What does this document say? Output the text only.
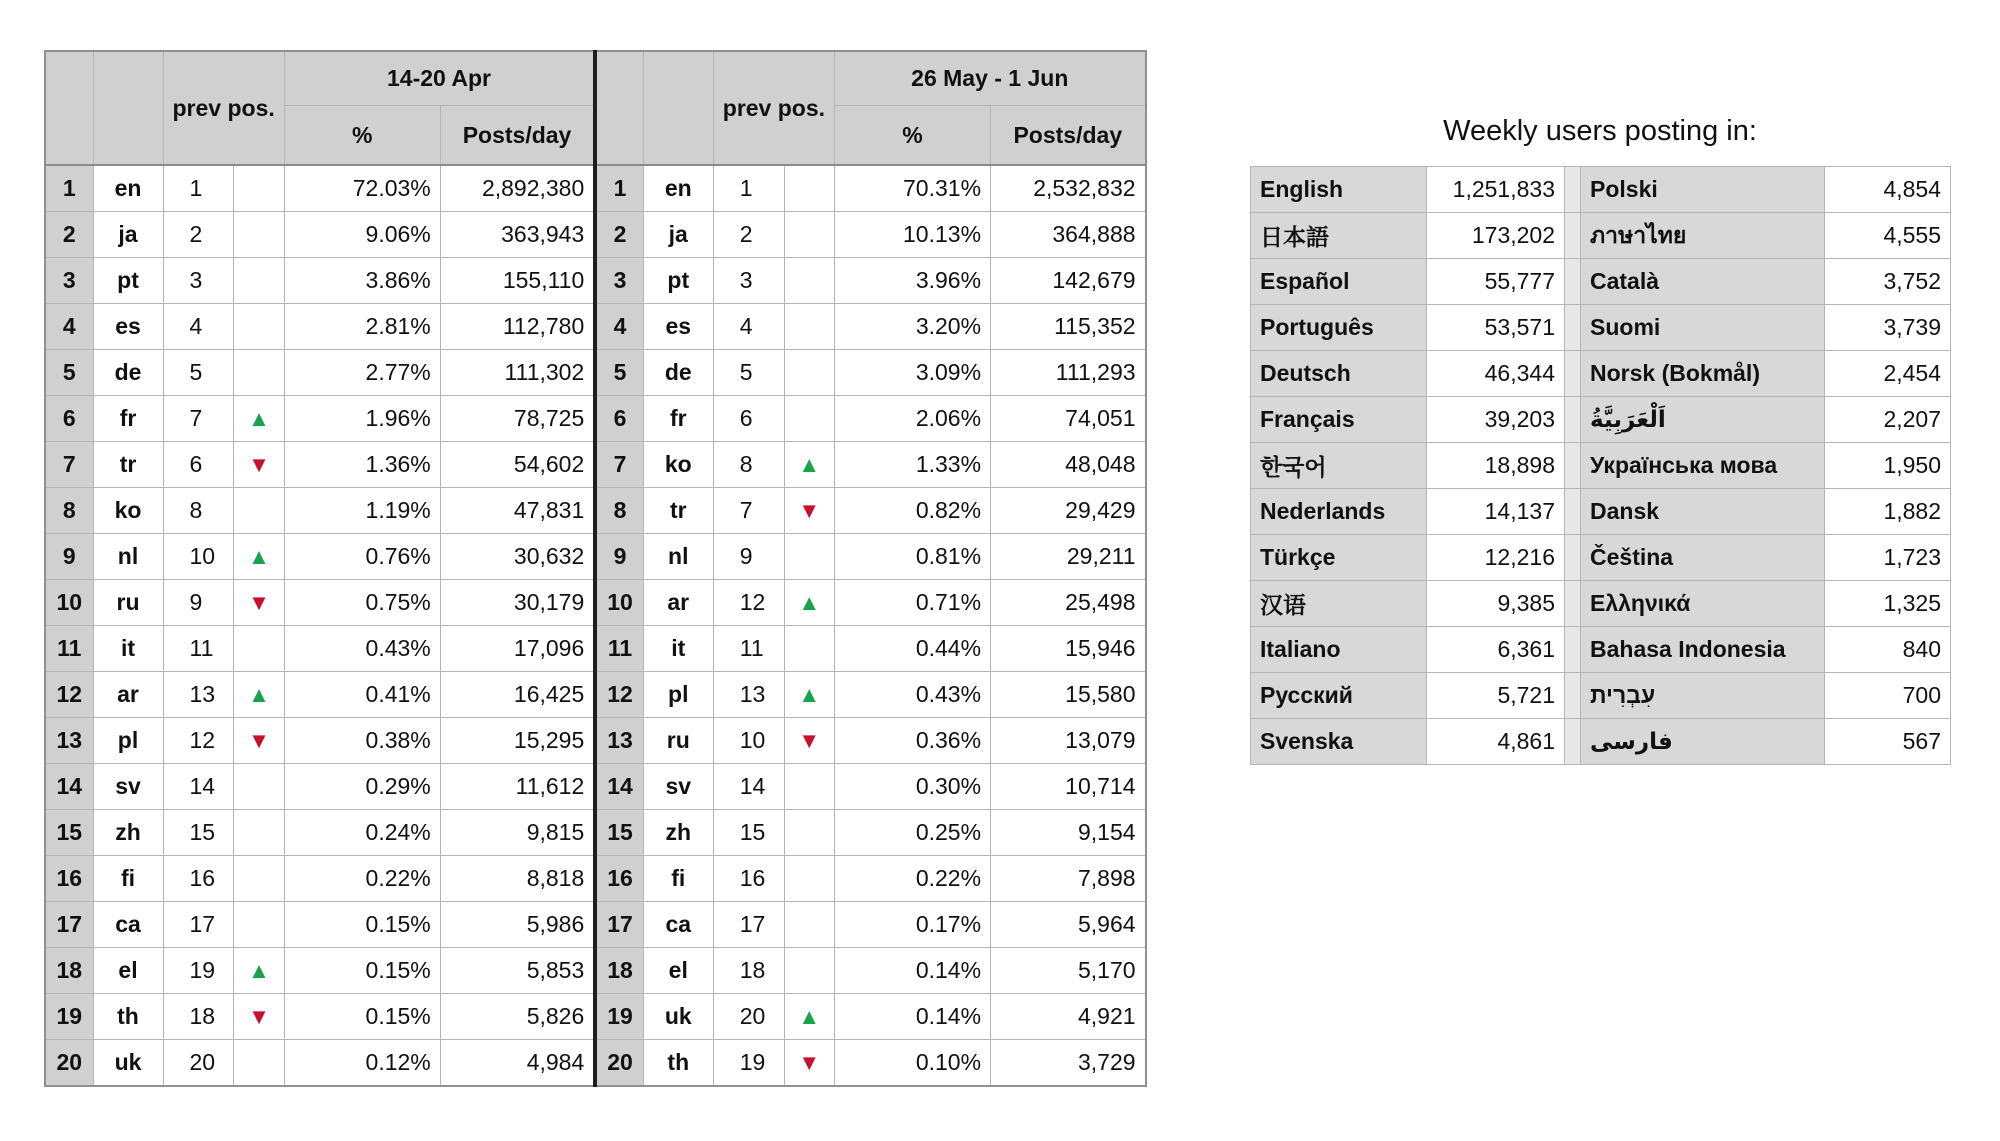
		prev pos.		14-20 Apr				prev pos.		26 May - 1 Jun	
				%	Posts/day					%	Posts/day
1	en	1		72.03%	2,892,380	1	en	1		70.31%	2,532,832
2	ja	2		9.06%	363,943	2	ja	2		10.13%	364,888
3	pt	3		3.86%	155,110	3	pt	3		3.96%	142,679
4	es	4		2.81%	112,780	4	es	4		3.20%	115,352
5	de	5		2.77%	111,302	5	de	5		3.09%	111,293
6	fr	7	▲	1.96%	78,725	6	fr	6		2.06%	74,051
7	tr	6	▼	1.36%	54,602	7	ko	8	▲	1.33%	48,048
8	ko	8		1.19%	47,831	8	tr	7	▼	0.82%	29,429
9	nl	10	▲	0.76%	30,632	9	nl	9		0.81%	29,211
10	ru	9	▼	0.75%	30,179	10	ar	12	▲	0.71%	25,498
11	it	11		0.43%	17,096	11	it	11		0.44%	15,946
12	ar	13	▲	0.41%	16,425	12	pl	13	▲	0.43%	15,580
13	pl	12	▼	0.38%	15,295	13	ru	10	▼	0.36%	13,079
14	sv	14		0.29%	11,612	14	sv	14		0.30%	10,714
15	zh	15		0.24%	9,815	15	zh	15		0.25%	9,154
16	fi	16		0.22%	8,818	16	fi	16		0.22%	7,898
17	ca	17		0.15%	5,986	17	ca	17		0.17%	5,964
18	el	19	▲	0.15%	5,853	18	el	18		0.14%	5,170
19	th	18	▼	0.15%	5,826	19	uk	20	▲	0.14%	4,921
20	uk	20		0.12%	4,984	20	th	19	▼	0.10%	3,729
Weekly users posting in:
English	1,251,833		Polski	4,854
日本語	173,202		ภาษาไทย	4,555
Español	55,777		Català	3,752
Português	53,571		Suomi	3,739
Deutsch	46,344		Norsk (Bokmål)	2,454
Français	39,203		اَلْعَرَبِيَّةُ	2,207
한국어	18,898		Українська мова	1,950
Nederlands	14,137		Dansk	1,882
Türkçe	12,216		Čeština	1,723
汉语	9,385		Ελληνικά	1,325
Italiano	6,361		Bahasa Indonesia	840
Русский	5,721		עִבְרִית	700
Svenska	4,861		فارسی	567
